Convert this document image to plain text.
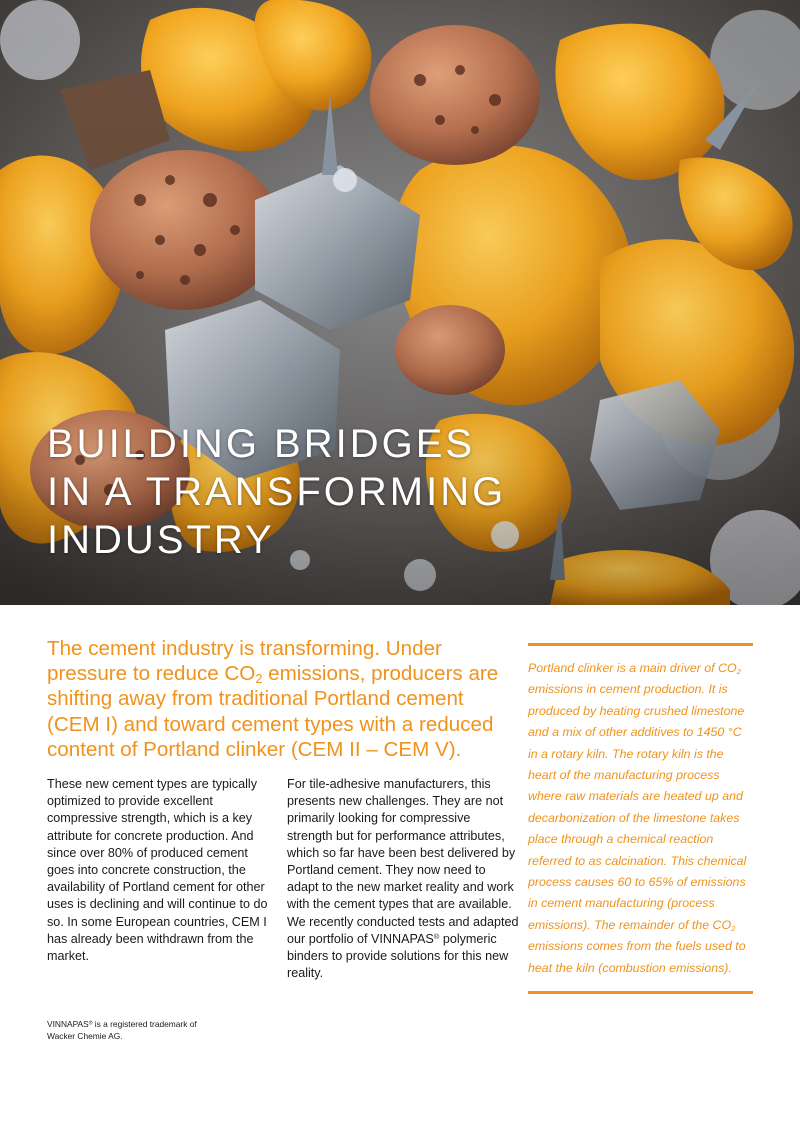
BUILDING BRIDGES
IN A TRANSFORMING
INDUSTRY

The cement industry is transforming. Under pressure to reduce $CO_2$ emissions, producers are shifting away from traditional Portland cement (CEM I) and toward cement types with a reduced content of Portland clinker (CEM II – CEM V).

These new cement types are typically optimized to provide excellent compressive strength, which is a key attribute for concrete production. And since over 80% of produced cement goes into concrete construction, the availability of Portland cement for other uses is declining and will continue to do so. In some European countries, CEM I has already been withdrawn from the market.

For tile-adhesive manufacturers, this presents new challenges. They are not primarily looking for compressive strength but for performance attributes, which so far have been best delivered by Portland cement. They now need to adapt to the new market reality and work with the cement types that are available. We recently conducted tests and adapted our portfolio of VINNAPAS® polymeric binders to provide solutions for this new reality.

Portland clinker is a main driver of $CO_2$ emissions in cement production. It is produced by heating crushed limestone and a mix of other additives to 1450 °C in a rotary kiln. The rotary kiln is the heart of the manufacturing process where raw materials are heated up and decarbonization of the limestone takes place through a chemical reaction referred to as calcination. This chemical process causes 60 to 65% of emissions in cement manufacturing (process emissions). The remainder of the $CO_2$ emissions comes from the fuels used to heat the kiln (combustion emissions).

VINNAPAS® is a registered trademark of Wacker Chemie AG.
